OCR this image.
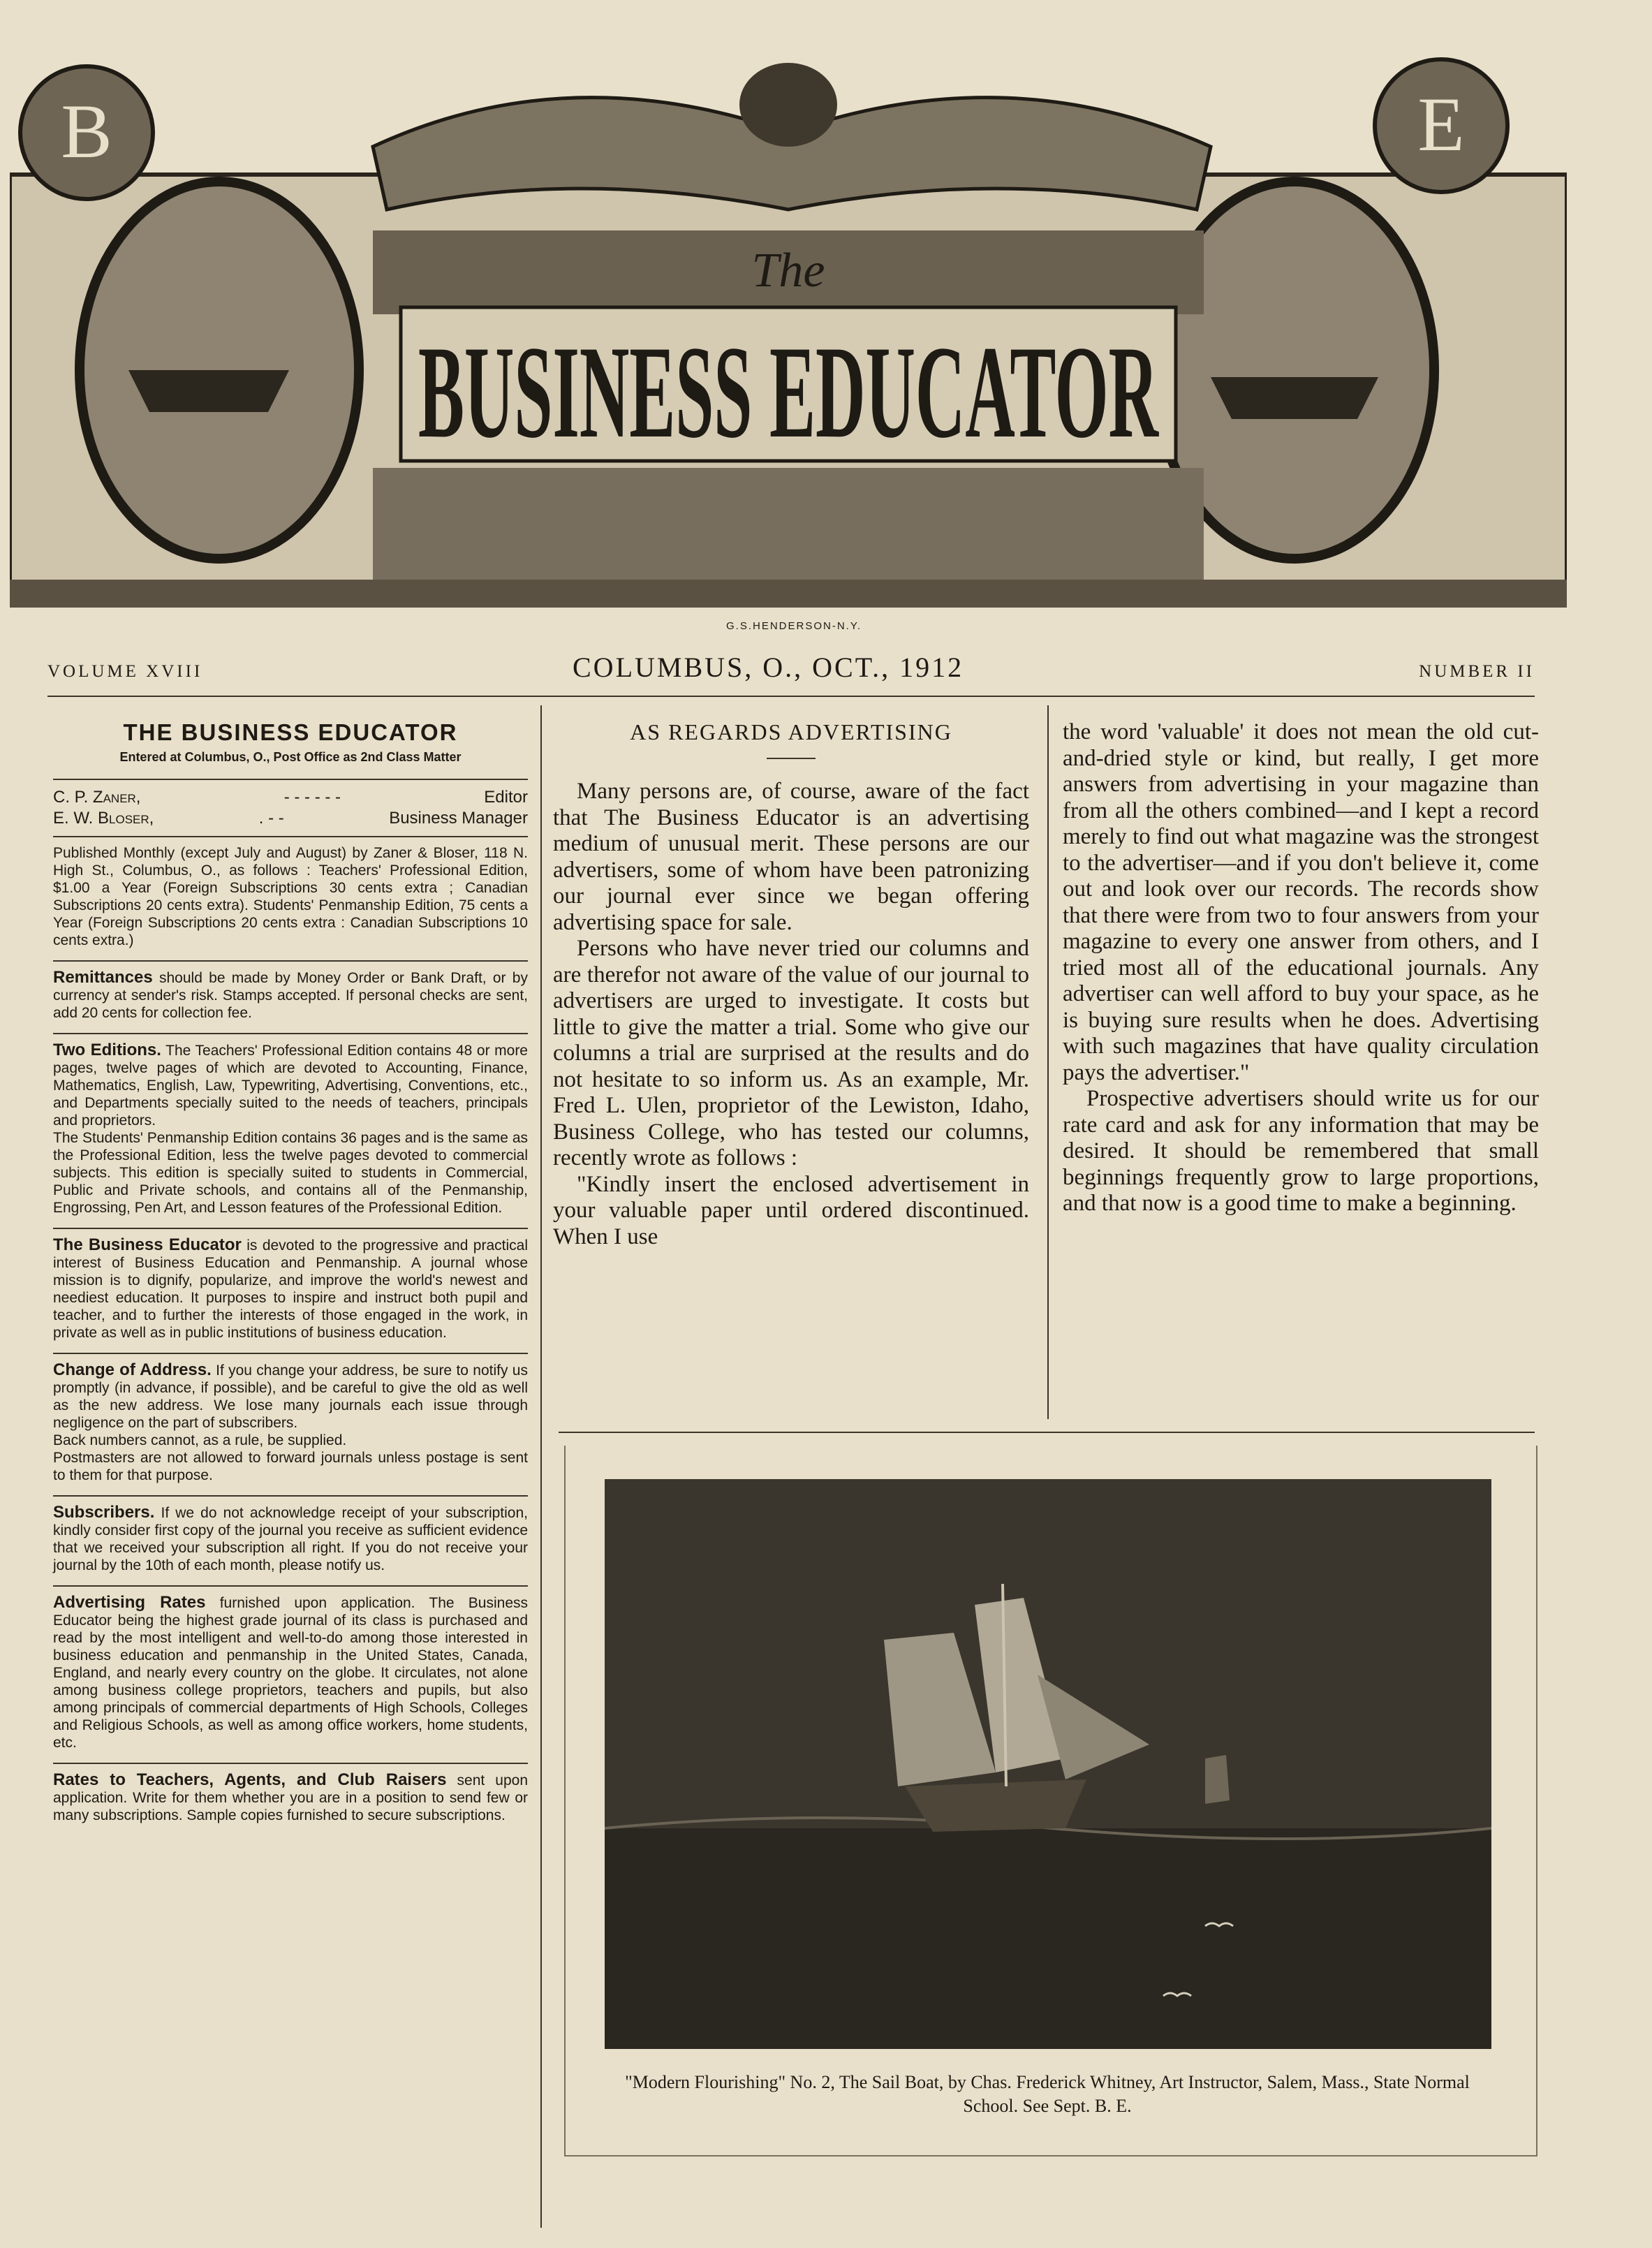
B	E
The
BUSINESS EDUCATOR
G.S.HENDERSON-N.Y.
VOLUME XVIII	COLUMBUS, O., OCT., 1912	NUMBER II
THE BUSINESS EDUCATOR
Entered at Columbus, O., Post Office as 2nd Class Matter
C. P. Zaner,	- - - - - -	Editor
E. W. Bloser,	. - -	Business Manager
Published Monthly (except July and August) by Zaner & Bloser, 118 N. High St., Columbus, O., as follows : Teachers' Professional Edition, $1.00 a Year (Foreign Subscriptions 30 cents extra ; Canadian Subscriptions 20 cents extra). Students' Penmanship Edition, 75 cents a Year (Foreign Subscriptions 20 cents extra : Canadian Subscriptions 10 cents extra.)
Remittances should be made by Money Order or Bank Draft, or by currency at sender's risk. Stamps accepted. If personal checks are sent, add 20 cents for collection fee.
Two Editions. The Teachers' Professional Edition contains 48 or more pages, twelve pages of which are devoted to Accounting, Finance, Mathematics, English, Law, Typewriting, Advertising, Conventions, etc., and Departments specially suited to the needs of teachers, principals and proprietors.
The Students' Penmanship Edition contains 36 pages and is the same as the Professional Edition, less the twelve pages devoted to commercial subjects. This edition is specially suited to students in Commercial, Public and Private schools, and contains all of the Penmanship, Engrossing, Pen Art, and Lesson features of the Professional Edition.
The Business Educator is devoted to the progressive and practical interest of Business Education and Penmanship. A journal whose mission is to dignify, popularize, and improve the world's newest and neediest education. It purposes to inspire and instruct both pupil and teacher, and to further the interests of those engaged in the work, in private as well as in public institutions of business education.
Change of Address. If you change your address, be sure to notify us promptly (in advance, if possible), and be careful to give the old as well as the new address. We lose many journals each issue through negligence on the part of subscribers.
Back numbers cannot, as a rule, be supplied.
Postmasters are not allowed to forward journals unless postage is sent to them for that purpose.
Subscribers. If we do not acknowledge receipt of your subscription, kindly consider first copy of the journal you receive as sufficient evidence that we received your subscription all right. If you do not receive your journal by the 10th of each month, please notify us.
Advertising Rates furnished upon application. The Business Educator being the highest grade journal of its class is purchased and read by the most intelligent and well-to-do among those interested in business education and penmanship in the United States, Canada, England, and nearly every country on the globe. It circulates, not alone among business college proprietors, teachers and pupils, but also among principals of commercial departments of High Schools, Colleges and Religious Schools, as well as among office workers, home students, etc.
Rates to Teachers, Agents, and Club Raisers sent upon application. Write for them whether you are in a position to send few or many subscriptions. Sample copies furnished to secure subscriptions.
AS REGARDS ADVERTISING

Many persons are, of course, aware of the fact that The Business Educator is an advertising medium of unusual merit. These persons are our advertisers, some of whom have been patronizing our journal ever since we began offering advertising space for sale.

Persons who have never tried our columns and are therefor not aware of the value of our journal to advertisers are urged to investigate. It costs but little to give the matter a trial. Some who give our columns a trial are surprised at the results and do not hesitate to so inform us. As an example, Mr. Fred L. Ulen, proprietor of the Lewiston, Idaho, Business College, who has tested our columns, recently wrote as follows :

"Kindly insert the enclosed advertisement in your valuable paper until ordered discontinued. When I use

the word 'valuable' it does not mean the old cut-and-dried style or kind, but really, I get more answers from advertising in your magazine than from all the others combined—and I kept a record merely to find out what magazine was the strongest to the advertiser—and if you don't believe it, come out and look over our records. The records show that there were from two to four answers from your magazine to every one answer from others, and I tried most all of the educational journals. Any advertiser can well afford to buy your space, as he is buying sure results when he does. Advertising with such magazines that have quality circulation pays the advertiser."

Prospective advertisers should write us for our rate card and ask for any information that may be desired. It should be remembered that small beginnings frequently grow to large proportions, and that now is a good time to make a beginning.

"Modern Flourishing" No. 2, The Sail Boat, by Chas. Frederick Whitney, Art Instructor, Salem, Mass., State Normal School. See Sept. B. E.
